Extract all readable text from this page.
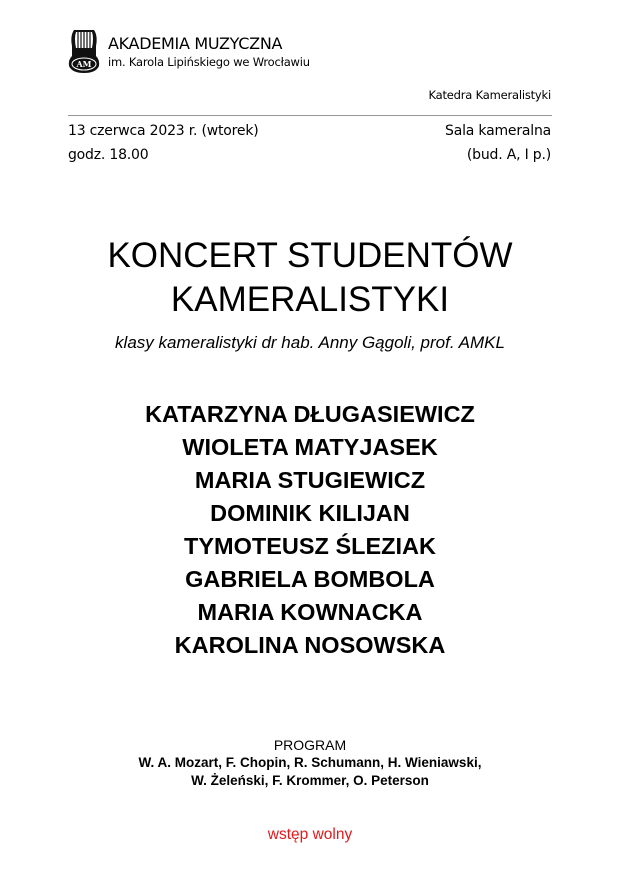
AM
AKADEMIA MUZYCZNA
im. Karola Lipińskiego we Wrocławiu
Katedra Kameralistyki
13 czerwca 2023 r. (wtorek)
godz. 18.00
Sala kameralna
(bud. A, I p.)
KONCERT STUDENTÓW
KAMERALISTYKI
klasy kameralistyki dr hab. Anny Gągoli, prof. AMKL
KATARZYNA DŁUGASIEWICZ
WIOLETA MATYJASEK
MARIA STUGIEWICZ
DOMINIK KILIJAN
TYMOTEUSZ ŚLEZIAK
GABRIELA BOMBOLA
MARIA KOWNACKA
KAROLINA NOSOWSKA
PROGRAM
W. A. Mozart, F. Chopin, R. Schumann, H. Wieniawski,
W. Żeleński, F. Krommer, O. Peterson
wstęp wolny
